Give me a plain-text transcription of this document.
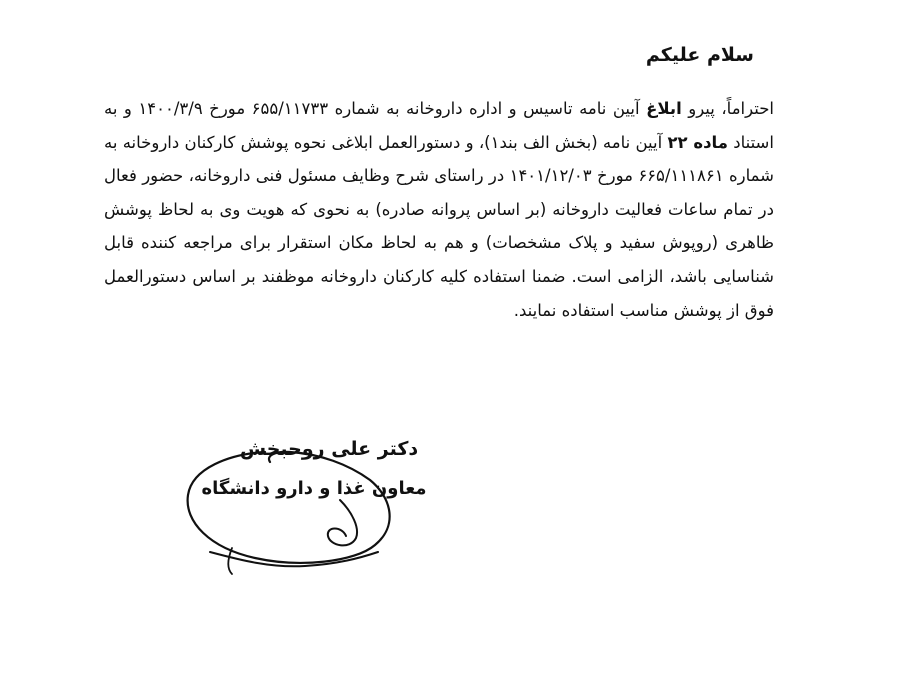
سلام علیکم
احتراماً، پیرو ابلاغ آیین نامه تاسیس و اداره داروخانه به شماره ۶۵۵/۱۱۷۳۳ مورخ ۱۴۰۰/۳/۹ و به استناد ماده ۲۲ آیین نامه (بخش الف بند۱)، و دستورالعمل ابلاغی نحوه پوشش کارکنان داروخانه به شماره ۶۶۵/۱۱۱۸۶۱ مورخ ۱۴۰۱/۱۲/۰۳ در راستای شرح وظایف مسئول فنی داروخانه، حضور فعال در تمام ساعات فعالیت داروخانه (بر اساس پروانه صادره) به نحوی که هویت وی به لحاظ پوشش ظاهری (روپوش سفید و پلاک مشخصات) و هم به لحاظ مکان استقرار برای مراجعه کننده قابل شناسایی باشد، الزامی است. ضمنا استفاده کلیه کارکنان داروخانه موظفند بر اساس دستورالعمل فوق از پوشش مناسب استفاده نمایند.
دکتر علی روحبخش
معاون غذا و دارو دانشگاه
